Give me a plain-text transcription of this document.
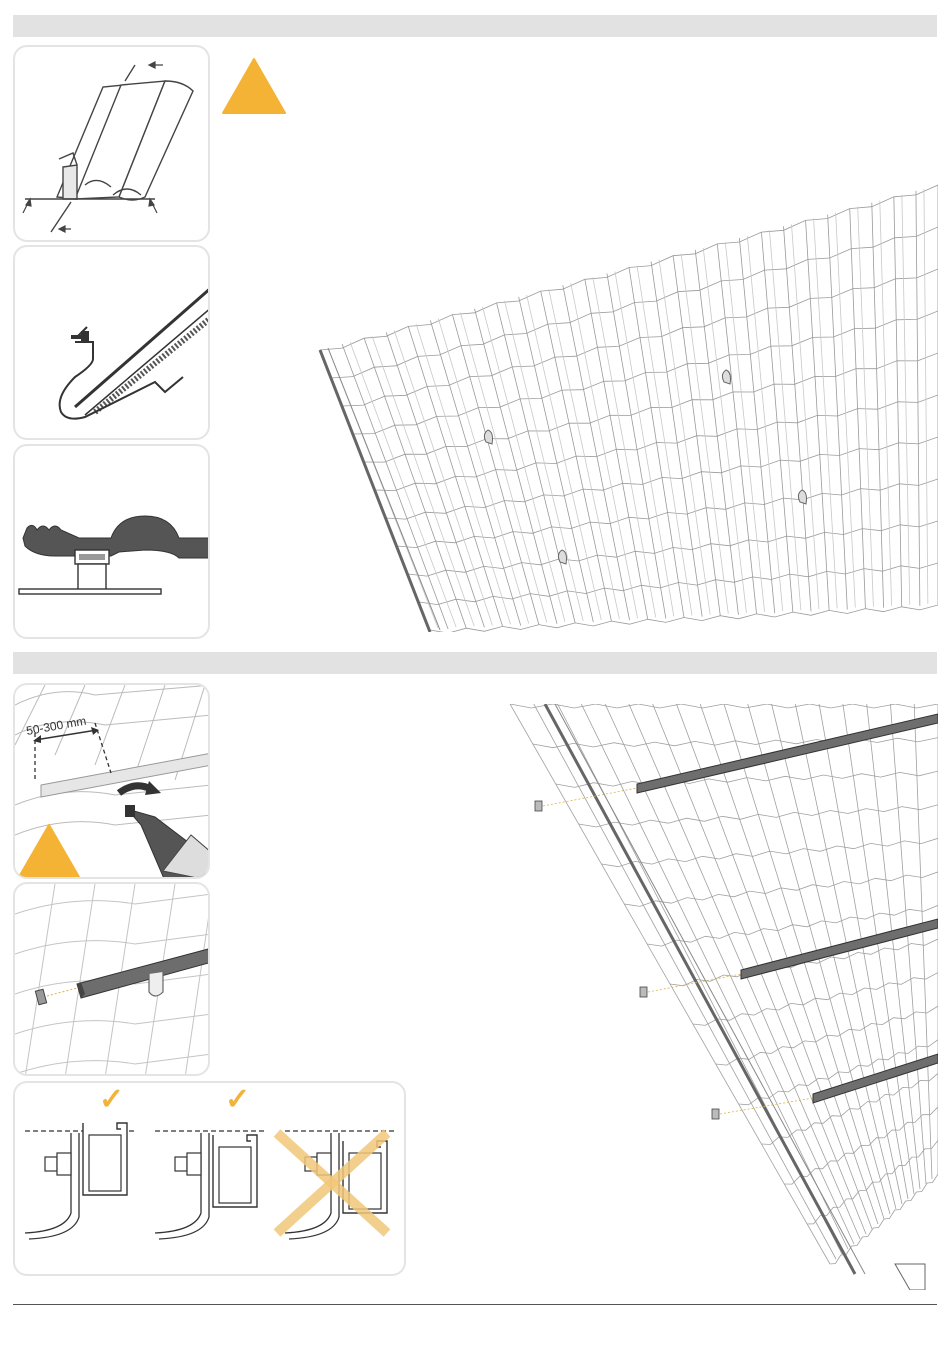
50-300 mm
✓	✓
